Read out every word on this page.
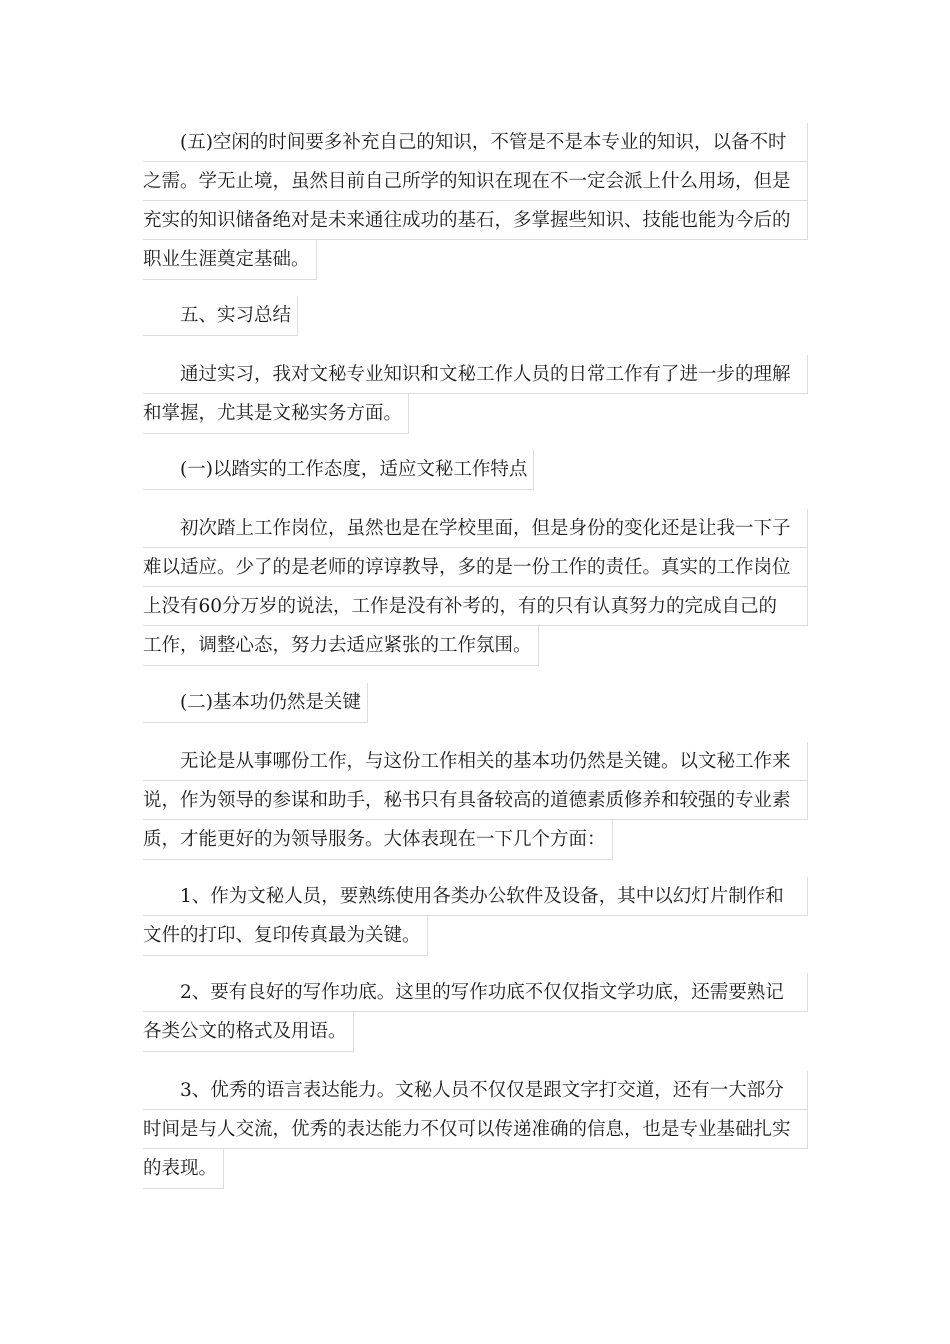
(五)空闲的时间要多补充自己的知识，不管是不是本专业的知识，以备不时
之需。学无止境，虽然目前自己所学的知识在现在不一定会派上什么用场，但是
充实的知识储备绝对是未来通往成功的基石，多掌握些知识、技能也能为今后的
职业生涯奠定基础。
五、实习总结
通过实习，我对文秘专业知识和文秘工作人员的日常工作有了进一步的理解
和掌握，尤其是文秘实务方面。
(一)以踏实的工作态度，适应文秘工作特点
初次踏上工作岗位，虽然也是在学校里面，但是身份的变化还是让我一下子
难以适应。少了的是老师的谆谆教导，多的是一份工作的责任。真实的工作岗位
上没有60分万岁的说法，工作是没有补考的，有的只有认真努力的完成自己的
工作，调整心态，努力去适应紧张的工作氛围。
(二)基本功仍然是关键
无论是从事哪份工作，与这份工作相关的基本功仍然是关键。以文秘工作来
说，作为领导的参谋和助手，秘书只有具备较高的道德素质修养和较强的专业素
质，才能更好的为领导服务。大体表现在一下几个方面：
1、作为文秘人员，要熟练使用各类办公软件及设备，其中以幻灯片制作和
文件的打印、复印传真最为关键。
2、要有良好的写作功底。这里的写作功底不仅仅指文学功底，还需要熟记
各类公文的格式及用语。
3、优秀的语言表达能力。文秘人员不仅仅是跟文字打交道，还有一大部分
时间是与人交流，优秀的表达能力不仅可以传递准确的信息，也是专业基础扎实
的表现。
